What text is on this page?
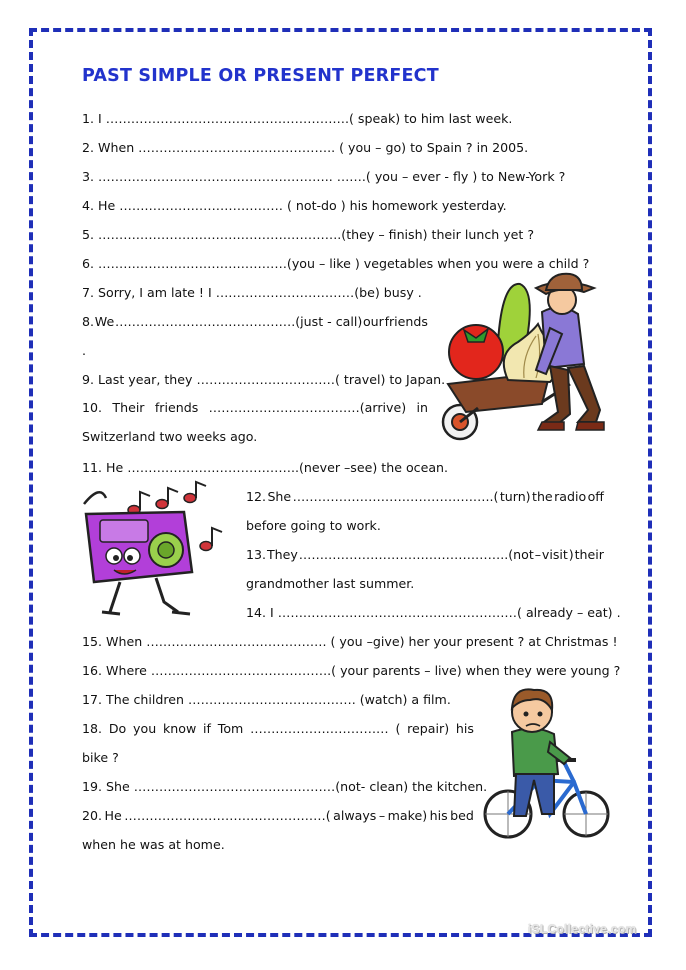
PAST SIMPLE OR PRESENT PERFECT
1. I ………………………………………………….( speak) to him last week.
2. When ……………………………………….. ( you – go) to Spain ? in 2005.
3. ……………………………………………….. …….( you – ever - fly ) to New-York ?
4. He ………………………………… ( not-do ) his homework yesterday.
5. ………………………………………………….(they – finish) their lunch yet ?
6. ………………………………………(you – like ) vegetables when you were a child ?
7. Sorry, I am late ! I ……………………………(be) busy .
8. We …………………………………….(just - call) our friends
.
9. Last year, they ……………………………( travel) to Japan.
10. Their friends ………………………………(arrive) in
Switzerland two weeks ago.
11. He …………………………………..(never –see) the ocean.
12. She …………………………………….…..( turn) the radio off
before going to work.
13. They …………………………………………..(not – visit ) their
grandmother last summer.
14. I …………………………………………………( already – eat) .
15. When ……………………………………. ( you –give) her your present ? at Christmas !
16. Where …………………………………….( your parents – live) when they were young ?
17. The children …………………………………. (watch) a film.
18. Do you know if Tom …………………………… ( repair) his
bike ?
19. She …………………………………………(not- clean) the kitchen.
20. He …………………………………………( always – make) his bed
when he was at home.
iSLCollective.com
